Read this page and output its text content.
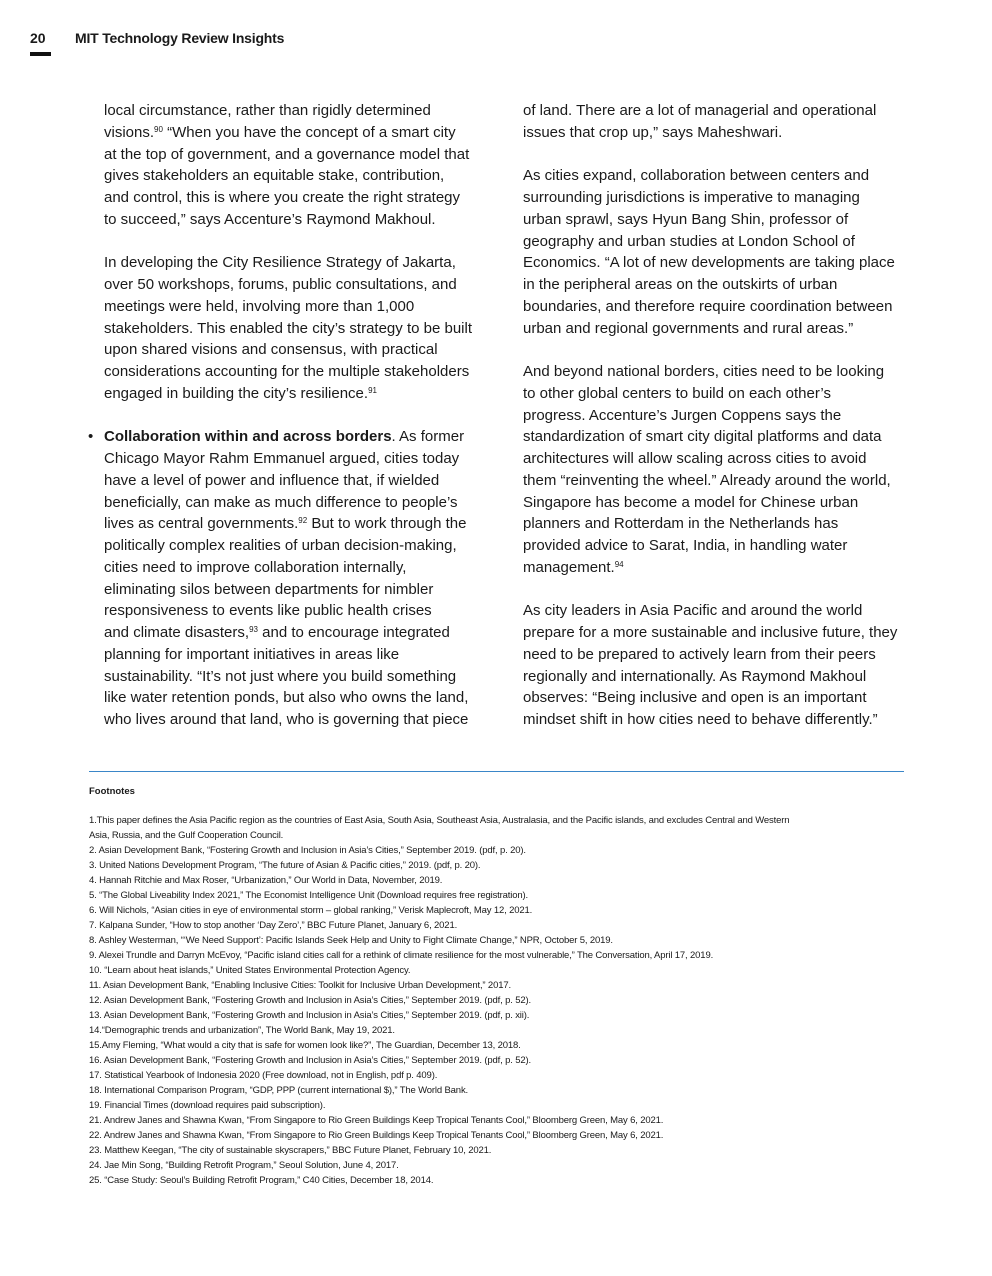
20 MIT Technology Review Insights

local circumstance, rather than rigidly determined
visions.$^{90}$ “When you have the concept of a smart city
at the top of government, and a governance model that
gives stakeholders an equitable stake, contribution,
and control, this is where you create the right strategy
to succeed,” says Accenture’s Raymond Makhoul.

In developing the City Resilience Strategy of Jakarta,
over 50 workshops, forums, public consultations, and
meetings were held, involving more than 1,000
stakeholders. This enabled the city’s strategy to be built
upon shared visions and consensus, with practical
considerations accounting for the multiple stakeholders
engaged in building the city’s resilience.$^{91}$

• Collaboration within and across borders. As former
Chicago Mayor Rahm Emmanuel argued, cities today
have a level of power and influence that, if wielded
beneficially, can make as much difference to people’s
lives as central governments.$^{92}$ But to work through the
politically complex realities of urban decision-making,
cities need to improve collaboration internally,
eliminating silos between departments for nimbler
responsiveness to events like public health crises
and climate disasters,$^{93}$ and to encourage integrated
planning for important initiatives in areas like
sustainability. “It’s not just where you build something
like water retention ponds, but also who owns the land,
who lives around that land, who is governing that piece

of land. There are a lot of managerial and operational
issues that crop up,” says Maheshwari.

As cities expand, collaboration between centers and
surrounding jurisdictions is imperative to managing
urban sprawl, says Hyun Bang Shin, professor of
geography and urban studies at London School of
Economics. “A lot of new developments are taking place
in the peripheral areas on the outskirts of urban
boundaries, and therefore require coordination between
urban and regional governments and rural areas.”

And beyond national borders, cities need to be looking
to other global centers to build on each other’s
progress. Accenture’s Jurgen Coppens says the
standardization of smart city digital platforms and data
architectures will allow scaling across cities to avoid
them “reinventing the wheel.” Already around the world,
Singapore has become a model for Chinese urban
planners and Rotterdam in the Netherlands has
provided advice to Sarat, India, in handling water
management.$^{94}$

As city leaders in Asia Pacific and around the world
prepare for a more sustainable and inclusive future, they
need to be prepared to actively learn from their peers
regionally and internationally. As Raymond Makhoul
observes: “Being inclusive and open is an important
mindset shift in how cities need to behave differently.”

Footnotes
1.This paper defines the Asia Pacific region as the countries of East Asia, South Asia, Southeast Asia, Australasia, and the Pacific islands, and excludes Central and Western
Asia, Russia, and the Gulf Cooperation Council.
2. Asian Development Bank, “Fostering Growth and Inclusion in Asia’s Cities,” September 2019. (pdf, p. 20).
3. United Nations Development Program, “The future of Asian & Pacific cities,” 2019. (pdf, p. 20).
4. Hannah Ritchie and Max Roser, “Urbanization,” Our World in Data, November, 2019.
5. “The Global Liveability Index 2021,” The Economist Intelligence Unit (Download requires free registration).
6. Will Nichols, “Asian cities in eye of environmental storm – global ranking,” Verisk Maplecroft, May 12, 2021.
7. Kalpana Sunder, “How to stop another ‘Day Zero’,” BBC Future Planet, January 6, 2021.
8. Ashley Westerman, “‘We Need Support’: Pacific Islands Seek Help and Unity to Fight Climate Change,” NPR, October 5, 2019.
9. Alexei Trundle and Darryn McEvoy, “Pacific island cities call for a rethink of climate resilience for the most vulnerable,” The Conversation, April 17, 2019.
10. “Learn about heat islands,” United States Environmental Protection Agency.
11. Asian Development Bank, “Enabling Inclusive Cities: Toolkit for Inclusive Urban Development,” 2017.
12. Asian Development Bank, “Fostering Growth and Inclusion in Asia’s Cities,” September 2019. (pdf, p. 52).
13. Asian Development Bank, “Fostering Growth and Inclusion in Asia’s Cities,” September 2019. (pdf, p. xii).
14.“Demographic trends and urbanization”, The World Bank, May 19, 2021.
15.Amy Fleming, “What would a city that is safe for women look like?”, The Guardian, December 13, 2018.
16. Asian Development Bank, “Fostering Growth and Inclusion in Asia’s Cities,” September 2019. (pdf, p. 52).
17. Statistical Yearbook of Indonesia 2020 (Free download, not in English, pdf p. 409).
18. International Comparison Program, “GDP, PPP (current international $),” The World Bank.
19. Financial Times (download requires paid subscription).
21. Andrew Janes and Shawna Kwan, “From Singapore to Rio Green Buildings Keep Tropical Tenants Cool,” Bloomberg Green, May 6, 2021.
22. Andrew Janes and Shawna Kwan, “From Singapore to Rio Green Buildings Keep Tropical Tenants Cool,” Bloomberg Green, May 6, 2021.
23. Matthew Keegan, “The city of sustainable skyscrapers,” BBC Future Planet, February 10, 2021.
24. Jae Min Song, “Building Retrofit Program,” Seoul Solution, June 4, 2017.
25. “Case Study: Seoul’s Building Retrofit Program,” C40 Cities, December 18, 2014.
